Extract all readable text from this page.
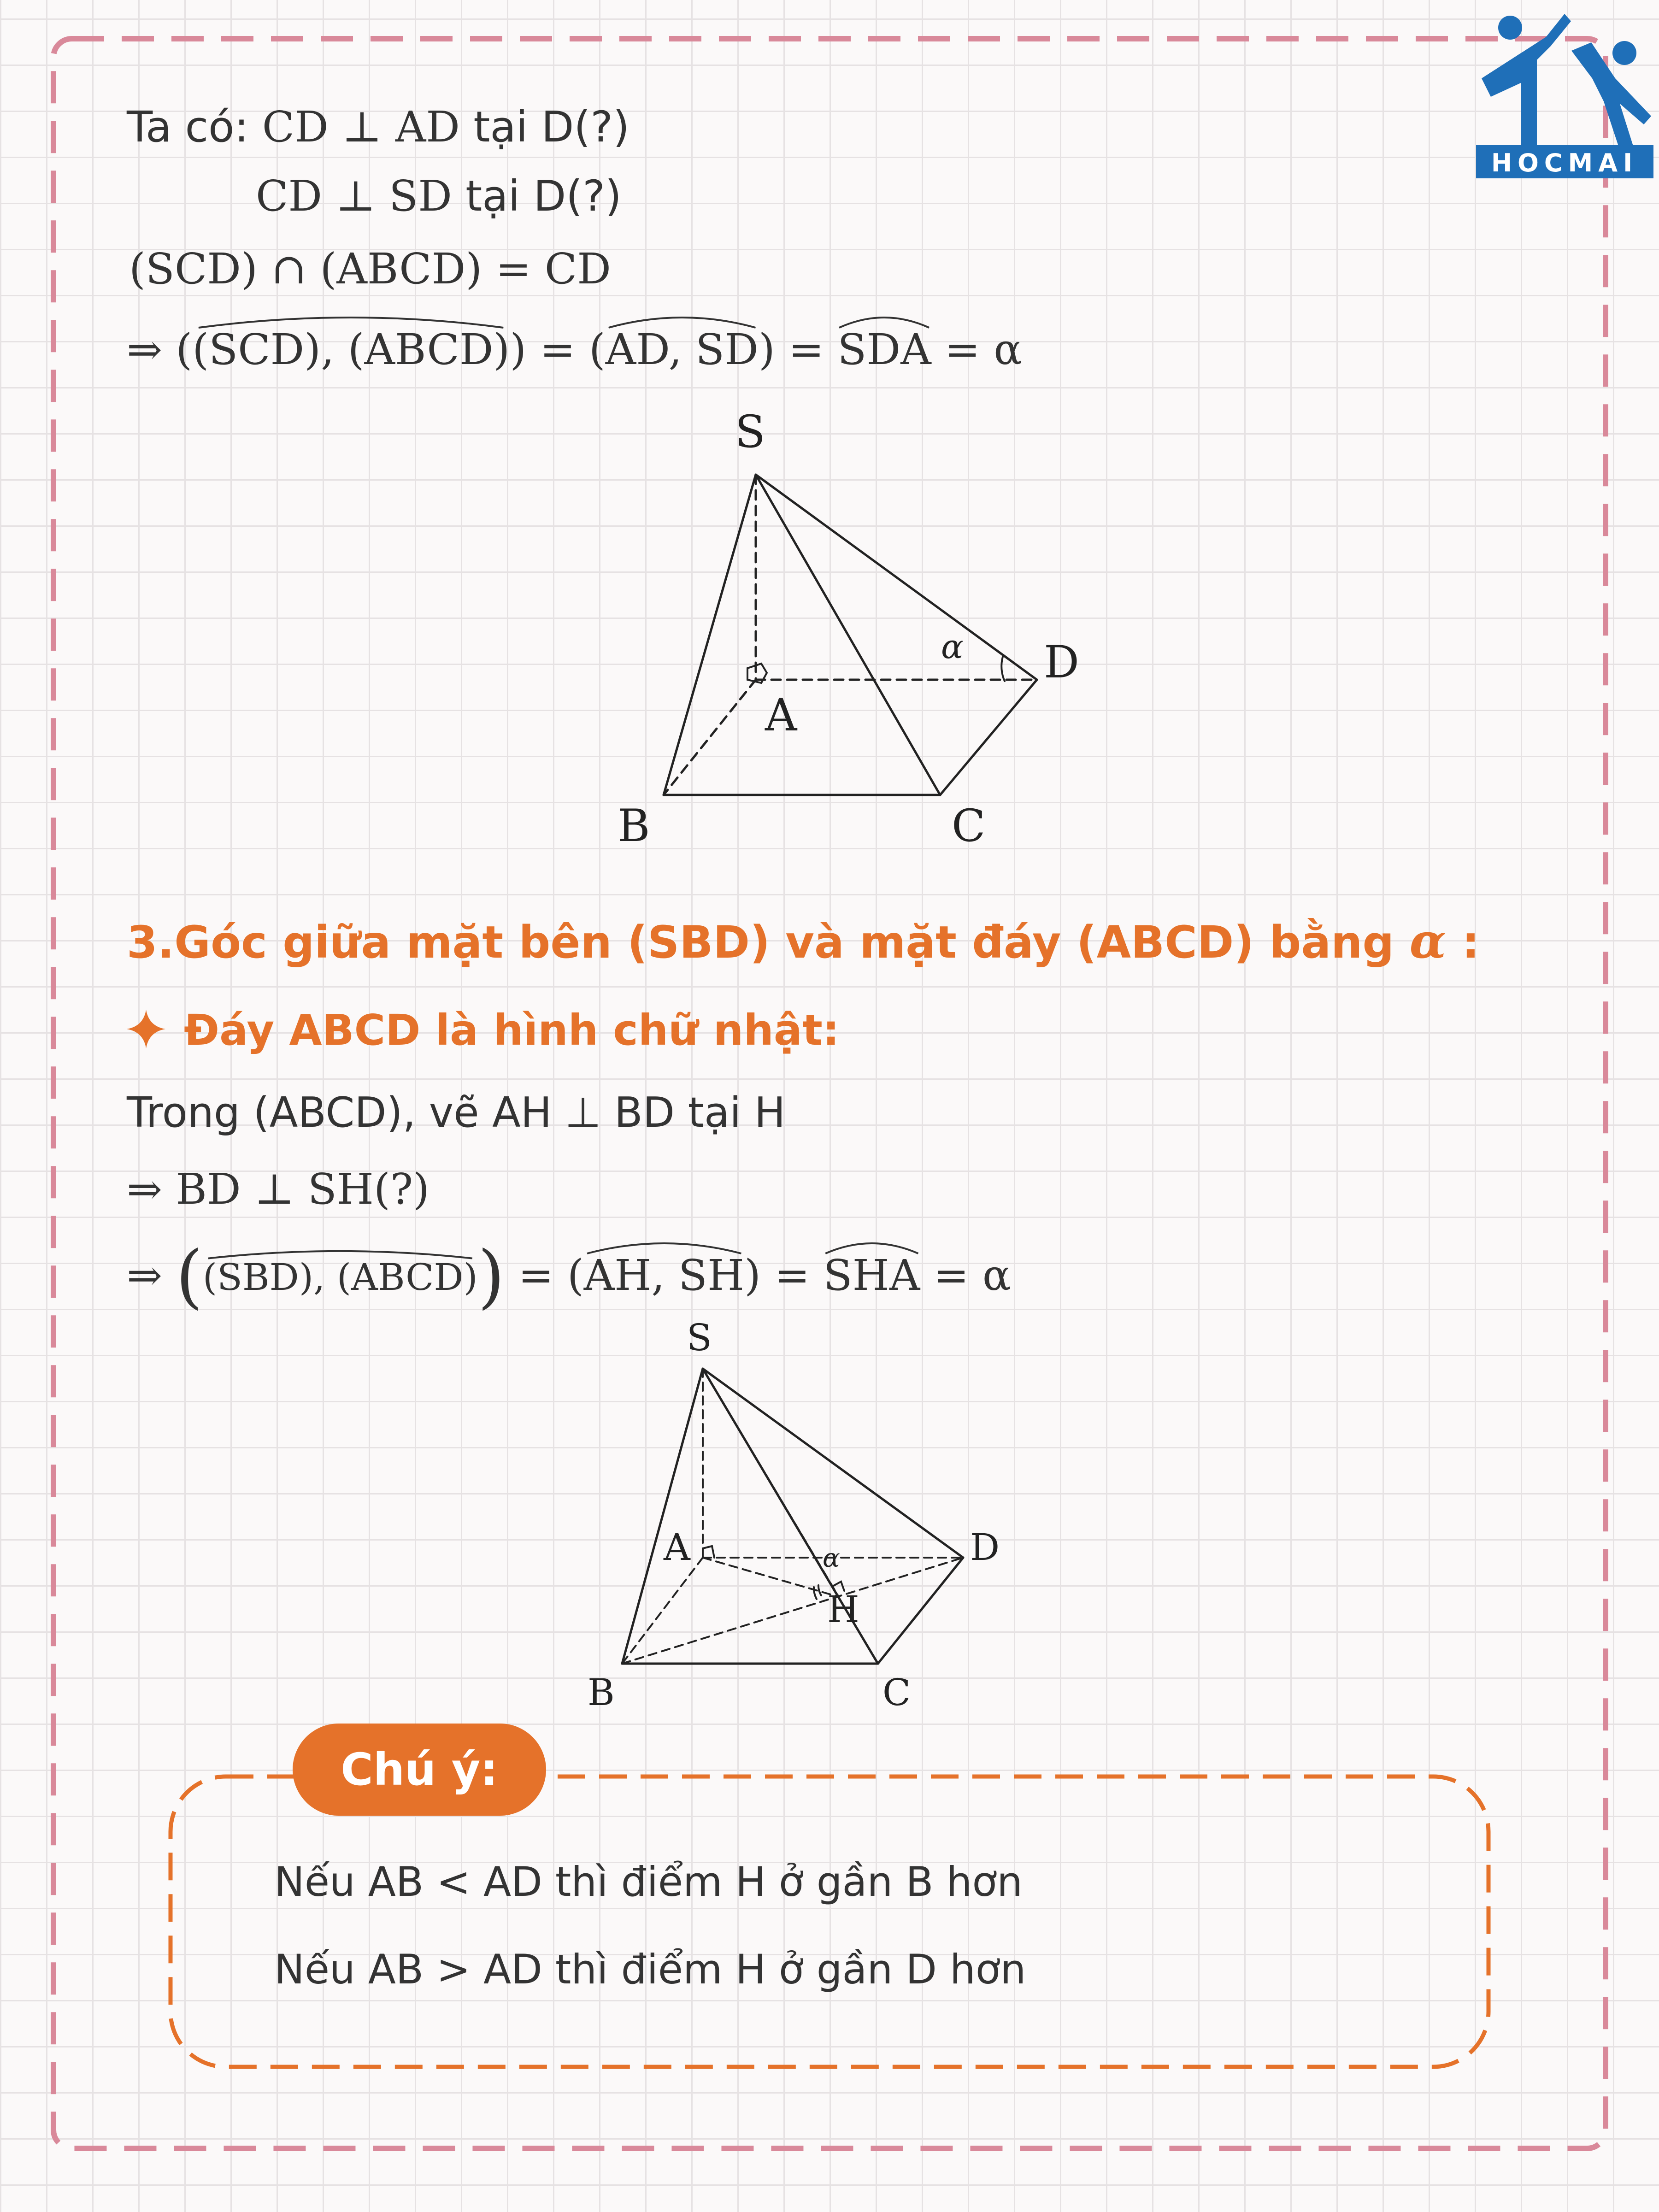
HOCMAI
Ta có: CD ⊥ AD tại D(?)
CD ⊥ SD tại D(?)
(SCD) ∩ (ABCD) = CD
⇒ (
(SCD), (ABCD)) = (
AD, SD) =
SDA = α
S
A
B	C
D
α
3.Góc giữa mặt bên (SBD) và mặt đáy (ABCD) bằng α :
Đáy ABCD là hình chữ nhật:
Trong (ABCD), vẽ AH ⊥ BD tại H
⇒ BD ⊥ SH(?)
⇒ (
(SBD), (ABCD)) = (
AH, SH) =
SHA = α
S
A
B	C
D
H
α
Chú ý:
Nếu AB < AD thì điểm H ở gần B hơn
Nếu AB > AD thì điểm H ở gần D hơn
